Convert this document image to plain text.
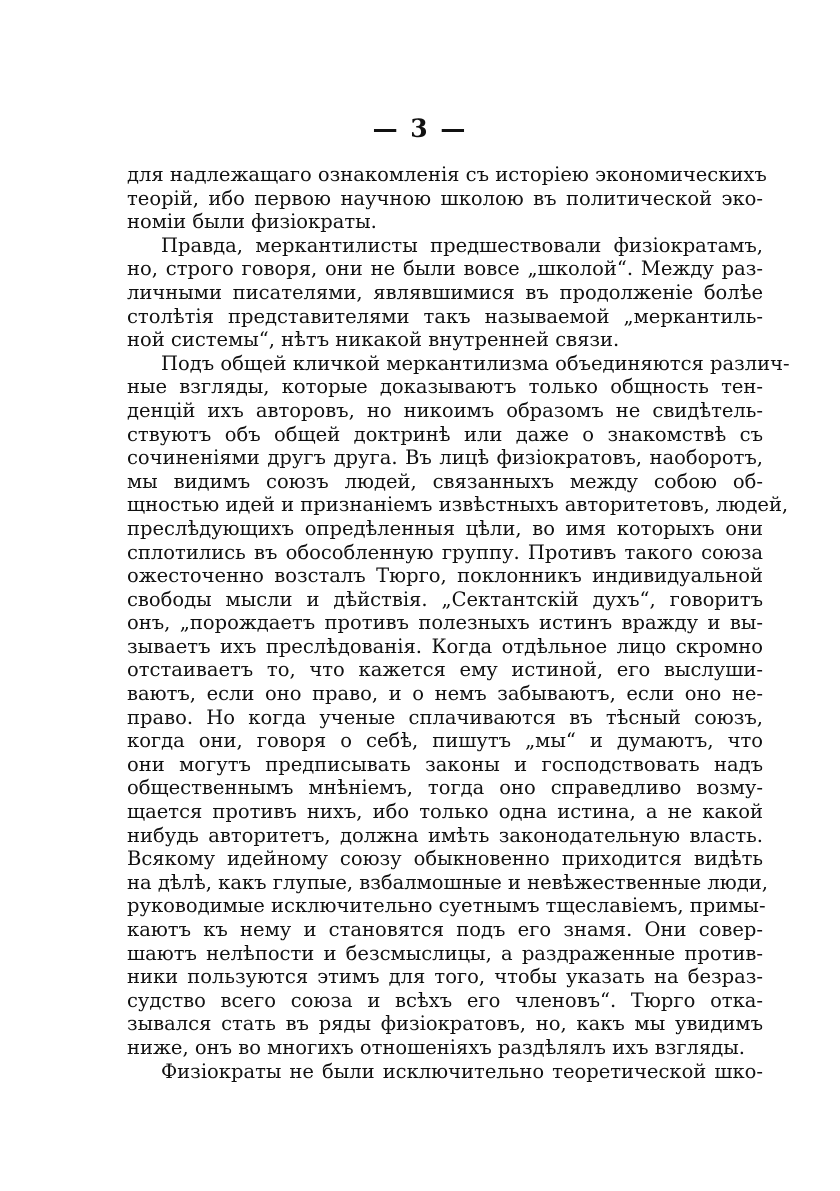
— 3 —
для надлежащаго ознакомленія съ исторіею экономическихъ
теорій, ибо первою научною школою въ политической эко-
номіи были физіократы.
Правда, меркантилисты предшествовали физіократамъ,
но, строго говоря, они не были вовсе „школой“. Между раз-
личными писателями, являвшимися въ продолженіе болѣе
столѣтія представителями такъ называемой „меркантиль-
ной системы“, нѣтъ никакой внутренней связи.
Подъ общей кличкой меркантилизма объединяются различ-
ные взгляды, которые доказываютъ только общность тен-
денцій ихъ авторовъ, но никоимъ образомъ не свидѣтель-
ствуютъ объ общей доктринѣ или даже о знакомствѣ съ
сочиненіями другъ друга. Въ лицѣ физіократовъ, наоборотъ,
мы видимъ союзъ людей, связанныхъ между собою об-
щностью идей и признаніемъ извѣстныхъ авторитетовъ, людей,
преслѣдующихъ опредѣленныя цѣли, во имя которыхъ они
сплотились въ обособленную группу. Противъ такого союза
ожесточенно возсталъ Тюрго, поклонникъ индивидуальной
свободы мысли и дѣйствія. „Сектантскій духъ“, говоритъ
онъ, „порождаетъ противъ полезныхъ истинъ вражду и вы-
зываетъ ихъ преслѣдованія. Когда отдѣльное лицо скромно
отстаиваетъ то, что кажется ему истиной, его выслуши-
ваютъ, если оно право, и о немъ забываютъ, если оно не-
право. Но когда ученые сплачиваются въ тѣсный союзъ,
когда они, говоря о себѣ, пишутъ „мы“ и думаютъ, что
они могутъ предписывать законы и господствовать надъ
общественнымъ мнѣніемъ, тогда оно справедливо возму-
щается противъ нихъ, ибо только одна истина, а не какой
нибудь авторитетъ, должна имѣть законодательную власть.
Всякому идейному союзу обыкновенно приходится видѣть
на дѣлѣ, какъ глупые, взбалмошные и невѣжественные люди,
руководимые исключительно суетнымъ тщеславіемъ, примы-
каютъ къ нему и становятся подъ его знамя. Они совер-
шаютъ нелѣпости и безсмыслицы, а раздраженные против-
ники пользуются этимъ для того, чтобы указать на безраз-
судство всего союза и всѣхъ его членовъ“. Тюрго отка-
зывался стать въ ряды физіократовъ, но, какъ мы увидимъ
ниже, онъ во многихъ отношеніяхъ раздѣлялъ ихъ взгляды.
Физіократы не были исключительно теоретической шко-
